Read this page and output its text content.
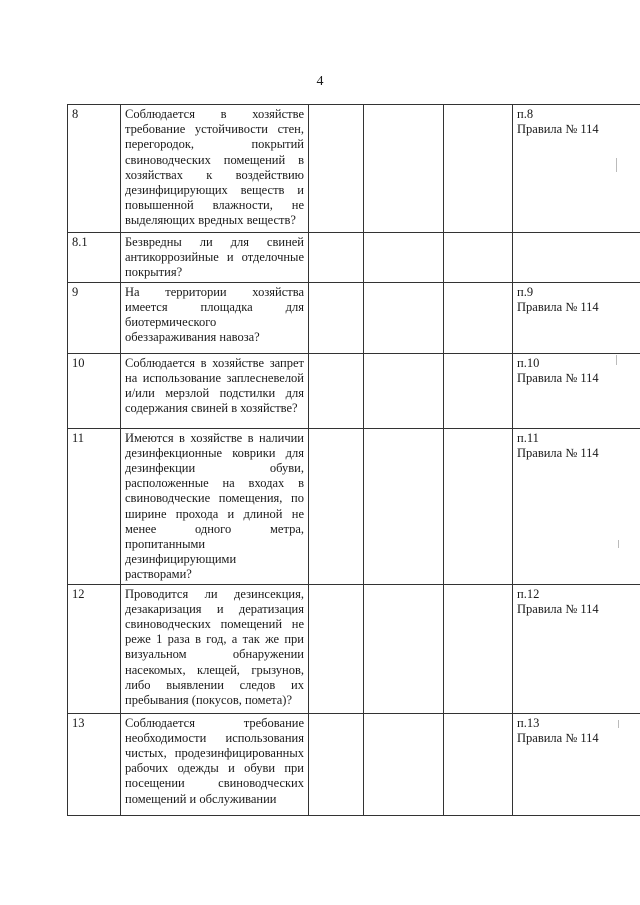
4
8	Соблюдается в хозяйстве требование устойчивости стен, перегородок, покрытий свиноводческих помещений в хозяйствах к воздействию дезинфицирующих веществ и повышенной влажности, не выделяющих вредных веществ?				п.8
Правила № 114

8.1	Безвредны ли для свиней антикоррозийные и отделочные покрытия?				

9	На территории хозяйства имеется площадка для биотермического обеззараживания навоза?				п.9
Правила № 114

10	Соблюдается в хозяйстве запрет на использование заплесневелой и/или мерзлой подстилки для содержания свиней в хозяйстве?				п.10
Правила № 114

11	Имеются в хозяйстве в наличии дезинфекционные коврики для дезинфекции обуви, расположенные на входах в свиноводческие помещения, по ширине прохода и длиной не менее одного метра, пропитанными дезинфицирующими растворами?				п.11
Правила № 114

12	Проводится ли дезинсекция, дезакаризация и дератизация свиноводческих помещений не реже 1 раза в год, а так же при визуальном обнаружении насекомых, клещей, грызунов, либо выявлении следов их пребывания (покусов, помета)?				п.12
Правила № 114

13	Соблюдается требование необходимости использования чистых, продезинфицированных рабочих одежды и обуви при посещении свиноводческих помещений и обслуживании				п.13
Правила № 114
